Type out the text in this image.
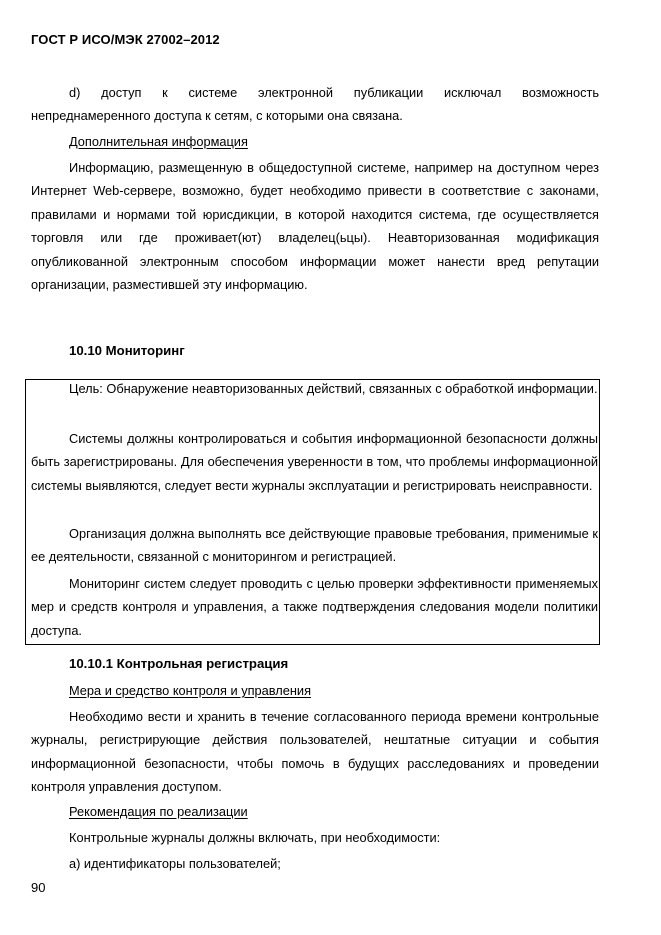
ГОСТ Р ИСО/МЭК 27002–2012

d) доступ к системе электронной публикации исключал возможность непреднамеренного доступа к сетям, с которыми она связана.

Дополнительная информация

Информацию, размещенную в общедоступной системе, например на доступном через Интернет Web-сервере, возможно, будет необходимо привести в соответствие с законами, правилами и нормами той юрисдикции, в которой находится система, где осуществляется торговля или где проживает(ют) владелец(ьцы). Неавторизованная модификация опубликованной электронным способом информации может нанести вред репутации организации, разместившей эту информацию.

10.10 Мониторинг

Цель: Обнаружение неавторизованных действий, связанных с обработкой информации.

Системы должны контролироваться и события информационной безопасности должны быть зарегистрированы. Для обеспечения уверенности в том, что проблемы информационной системы выявляются, следует вести журналы эксплуатации и регистрировать неисправности.

Организация должна выполнять все действующие правовые требования, применимые к ее деятельности, связанной с мониторингом и регистрацией.

Мониторинг систем следует проводить с целью проверки эффективности применяемых мер и средств контроля и управления, а также подтверждения следования модели политики доступа.

10.10.1 Контрольная регистрация

Мера и средство контроля и управления

Необходимо вести и хранить в течение согласованного периода времени контрольные журналы, регистрирующие действия пользователей, нештатные ситуации и события информационной безопасности, чтобы помочь в будущих расследованиях и проведении контроля управления доступом.

Рекомендация по реализации

Контрольные журналы должны включать, при необходимости:

a) идентификаторы пользователей;

90
